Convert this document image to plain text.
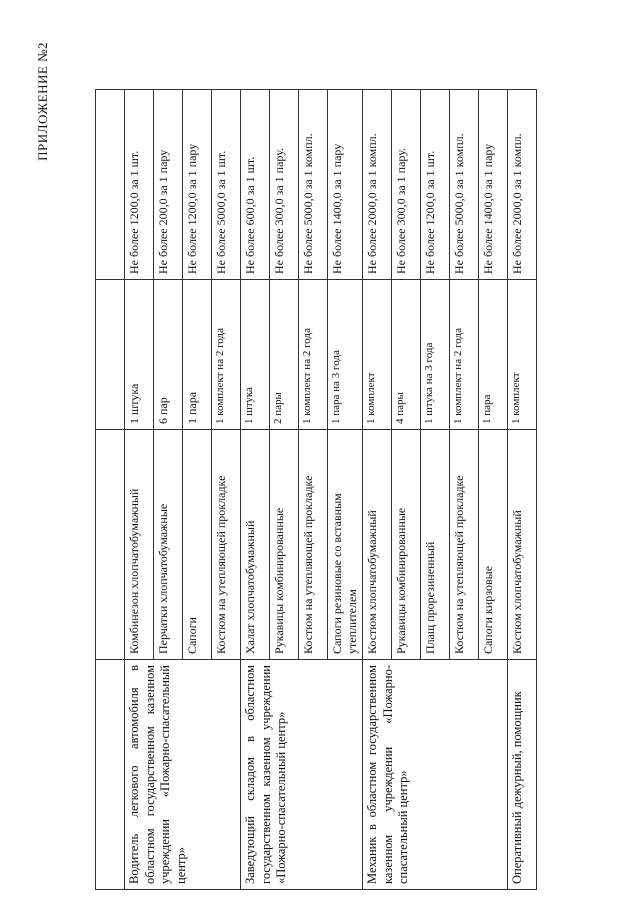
ПРИЛОЖЕНИЕ №2

Водитель легкового автомобиля в областном государственном казенном учреждении «Пожарно-спасательный центр»	Комбинезон хлопчатобумажный	1 штука	Не более 1200,0 за 1 шт.
	Перчатки хлопчатобумажные	6 пар	Не более 200,0 за 1 пару
	Сапоги	1 пара	Не более 1200,0 за 1 пару
	Костюм на утепляющей прокладке	1 комплект на 2 года	Не более 5000,0 за 1 шт.
Заведующий складом в областном государственном казенном учреждении «Пожарно-спасательный центр»	Халат хлопчатобумажный	1 штука	Не более 600,0 за 1 шт.
	Рукавицы комбинированные	2 пары	Не более 300,0 за 1 пару.
	Костюм на утепляющей прокладке	1 комплект на 2 года	Не более 5000,0 за 1 компл.
	Сапоги резиновые со вставным утеплителем	1 пара на 3 года	Не более 1400,0 за 1 пару
Механик в областном государственном казенном учреждении «Пожарно-спасательный центр»	Костюм хлопчатобумажный	1 комплект	Не более 2000,0 за 1 компл.
	Рукавицы комбинированные	4 пары	Не более 300,0 за 1 пару.
	Плащ прорезиненный	1 штука на 3 года	Не более 1200,0 за 1 шт.
	Костюм на утепляющей прокладке	1 комплект на 2 года	Не более 5000,0 за 1 компл.
	Сапоги кирзовые	1 пара	Не более 1400,0 за 1 пару
Оперативный дежурный, помощник	Костюм хлопчатобумажный	1 комплект	Не более 2000,0 за 1 компл.
